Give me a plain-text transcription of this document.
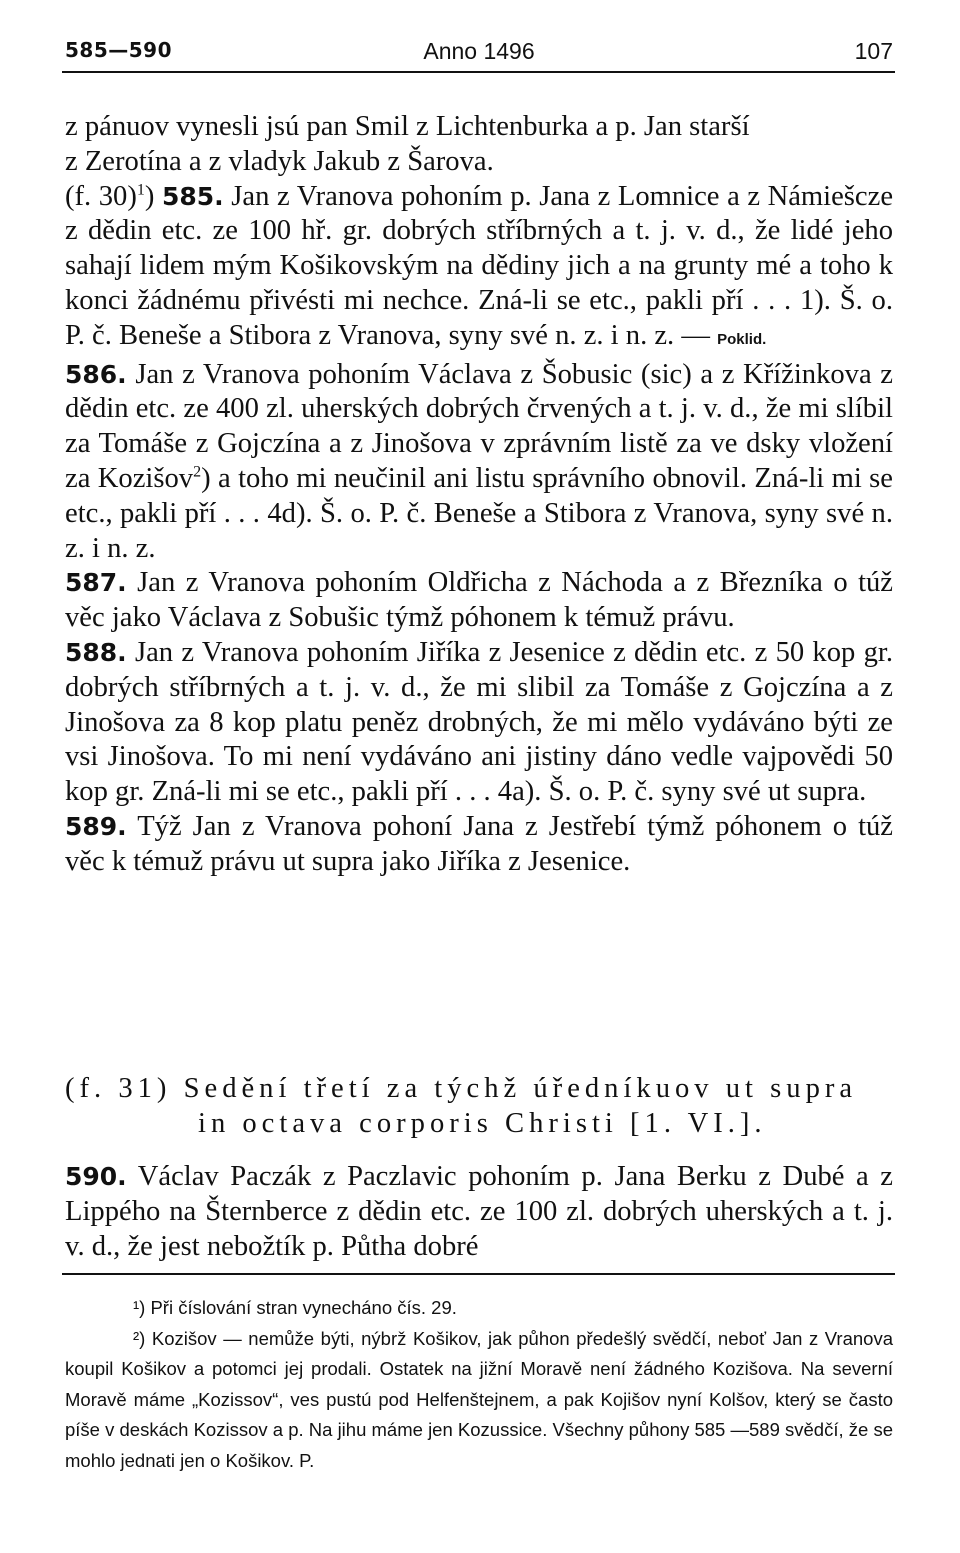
585—590	Anno 1496	107

z pánuov vynesli jsú pan Smil z Lichtenburka a p. Jan starší
z Zerotína a z vladyk Jakub z Šarova.

(f. 30)$^1$) 585. Jan z Vranova pohoním p. Jana z Lomnice a z Námiešcze z dědin etc. ze 100 hř. gr. dobrých stříbrných a t. j. v. d., že lidé jeho sahají lidem mým Košikovským na dědiny jich a na grunty mé a toho k konci žádnému přivésti mi nechce. Zná-li se etc., pakli pří . . . 1). Š. o. P. č. Beneše a Stibora z Vranova, syny své n. z. i n. z. — Poklid.

586. Jan z Vranova pohoním Václava z Šobusic (sic) a z Křížinkova z dědin etc. ze 400 zl. uherských dobrých črvených a t. j. v. d., že mi slíbil za Tomáše z Gojczína a z Jinošova v zprávním listě za ve dsky vložení za Kozišov$^2$) a toho mi neučinil ani listu správního obnovil. Zná-li mi se etc., pakli pří . . . 4d). Š. o. P. č. Beneše a Stibora z Vranova, syny své n. z. i n. z.

587. Jan z Vranova pohoním Oldřicha z Náchoda a z Březníka o túž věc jako Václava z Sobušic týmž póhonem k témuž právu.

588. Jan z Vranova pohoním Jiříka z Jesenice z dědin etc. z 50 kop gr. dobrých stříbrných a t. j. v. d., že mi slibil za Tomáše z Gojczína a z Jinošova za 8 kop platu peněz drobných, že mi mělo vydáváno býti ze vsi Jinošova. To mi není vydáváno ani jistiny dáno vedle vajpovědi 50 kop gr. Zná-li mi se etc., pakli pří . . . 4a). Š. o. P. č. syny své ut supra.

589. Týž Jan z Vranova pohoní Jana z Jestřebí týmž póhonem o túž věc k témuž právu ut supra jako Jiříka z Jesenice.

(f. 31) Sedění třetí za týchž úředníkuov ut supra
in octava corporis Christi [1. VI.].
590. Václav Paczák z Paczlavic pohoním p. Jana Berku z Dubé a z Lippého na Šternberce z dědin etc. ze 100 zl. dobrých uherských a t. j. v. d., že jest nebožtík p. Půtha dobré

¹) Při číslování stran vynecháno čís. 29.

²) Kozišov — nemůže býti, nýbrž Košikov, jak půhon předešlý svědčí, neboť Jan z Vranova koupil Košikov a potomci jej prodali. Ostatek na jižní Moravě není žádného Kozišova. Na severní Moravě máme „Kozissov“, ves pustú pod Helfenštejnem, a pak Kojišov nyní Kolšov, který se často píše v deskách Kozissov a p. Na jihu máme jen Kozussice. Všechny půhony 585 —589 svědčí, že se mohlo jednati jen o Košikov. P.
